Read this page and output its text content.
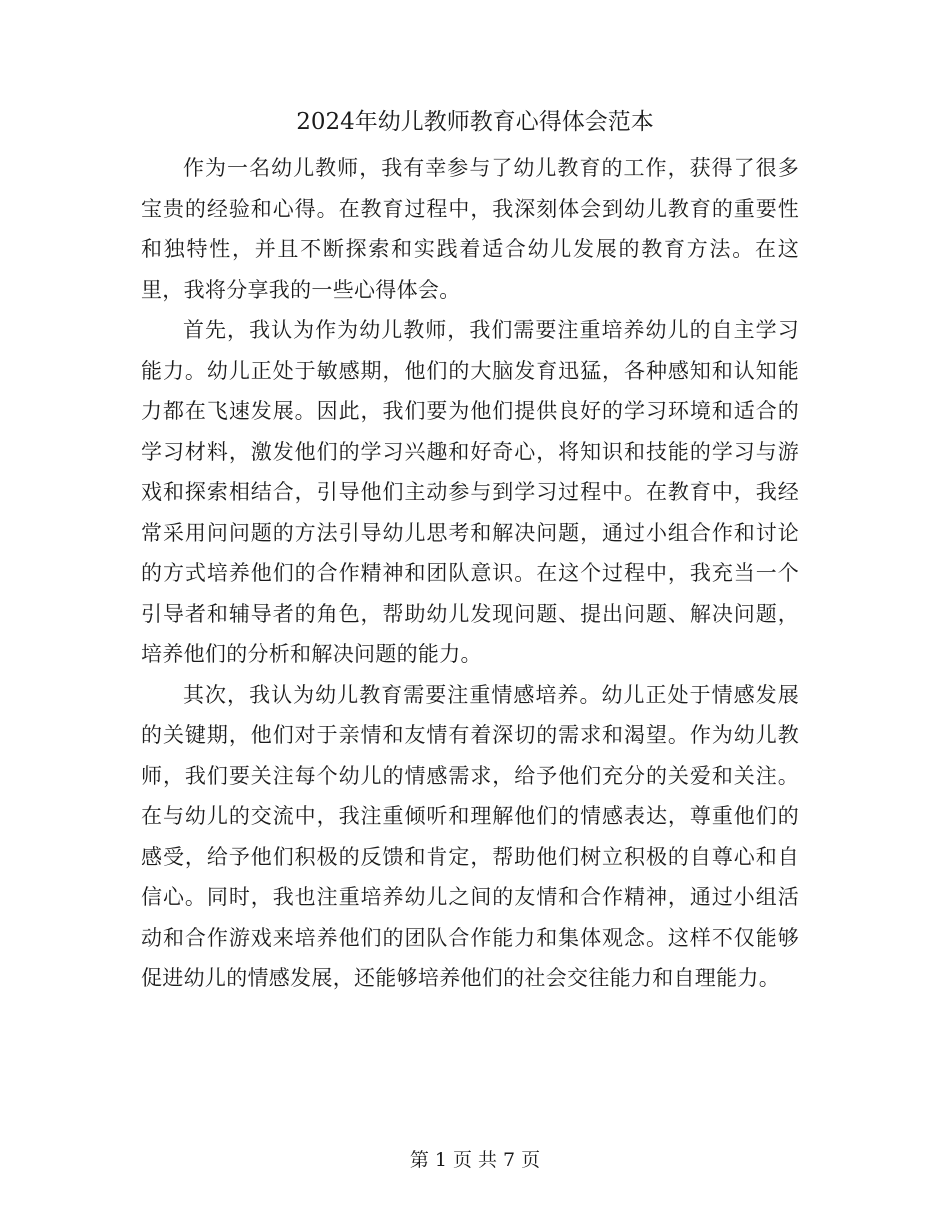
2024年幼儿教师教育心得体会范本

作为一名幼儿教师，我有幸参与了幼儿教育的工作，获得了很多宝贵的经验和心得。在教育过程中，我深刻体会到幼儿教育的重要性和独特性，并且不断探索和实践着适合幼儿发展的教育方法。在这里，我将分享我的一些心得体会。

首先，我认为作为幼儿教师，我们需要注重培养幼儿的自主学习能力。幼儿正处于敏感期，他们的大脑发育迅猛，各种感知和认知能力都在飞速发展。因此，我们要为他们提供良好的学习环境和适合的学习材料，激发他们的学习兴趣和好奇心，将知识和技能的学习与游戏和探索相结合，引导他们主动参与到学习过程中。在教育中，我经常采用问问题的方法引导幼儿思考和解决问题，通过小组合作和讨论的方式培养他们的合作精神和团队意识。在这个过程中，我充当一个引导者和辅导者的角色，帮助幼儿发现问题、提出问题、解决问题，培养他们的分析和解决问题的能力。

其次，我认为幼儿教育需要注重情感培养。幼儿正处于情感发展的关键期，他们对于亲情和友情有着深切的需求和渴望。作为幼儿教师，我们要关注每个幼儿的情感需求，给予他们充分的关爱和关注。在与幼儿的交流中，我注重倾听和理解他们的情感表达，尊重他们的感受，给予他们积极的反馈和肯定，帮助他们树立积极的自尊心和自信心。同时，我也注重培养幼儿之间的友情和合作精神，通过小组活动和合作游戏来培养他们的团队合作能力和集体观念。这样不仅能够促进幼儿的情感发展，还能够培养他们的社会交往能力和自理能力。

第 1 页 共 7 页
